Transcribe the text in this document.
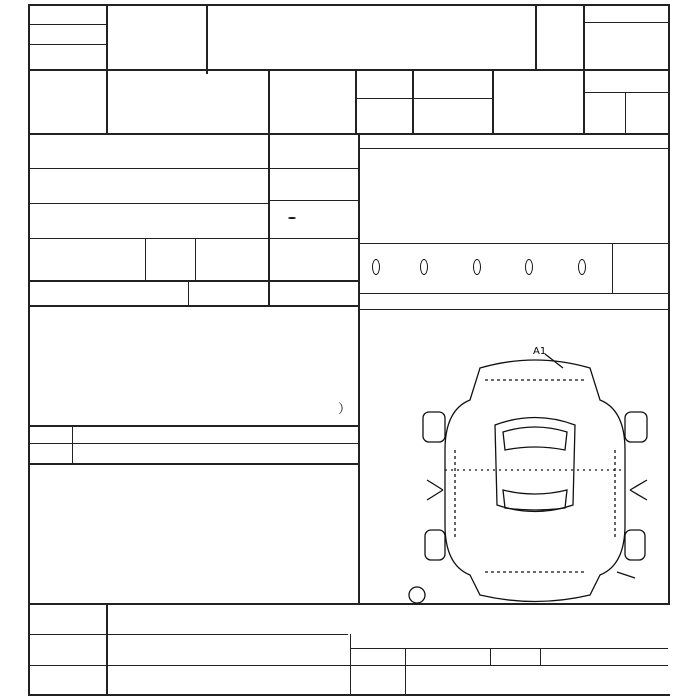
）
A1
